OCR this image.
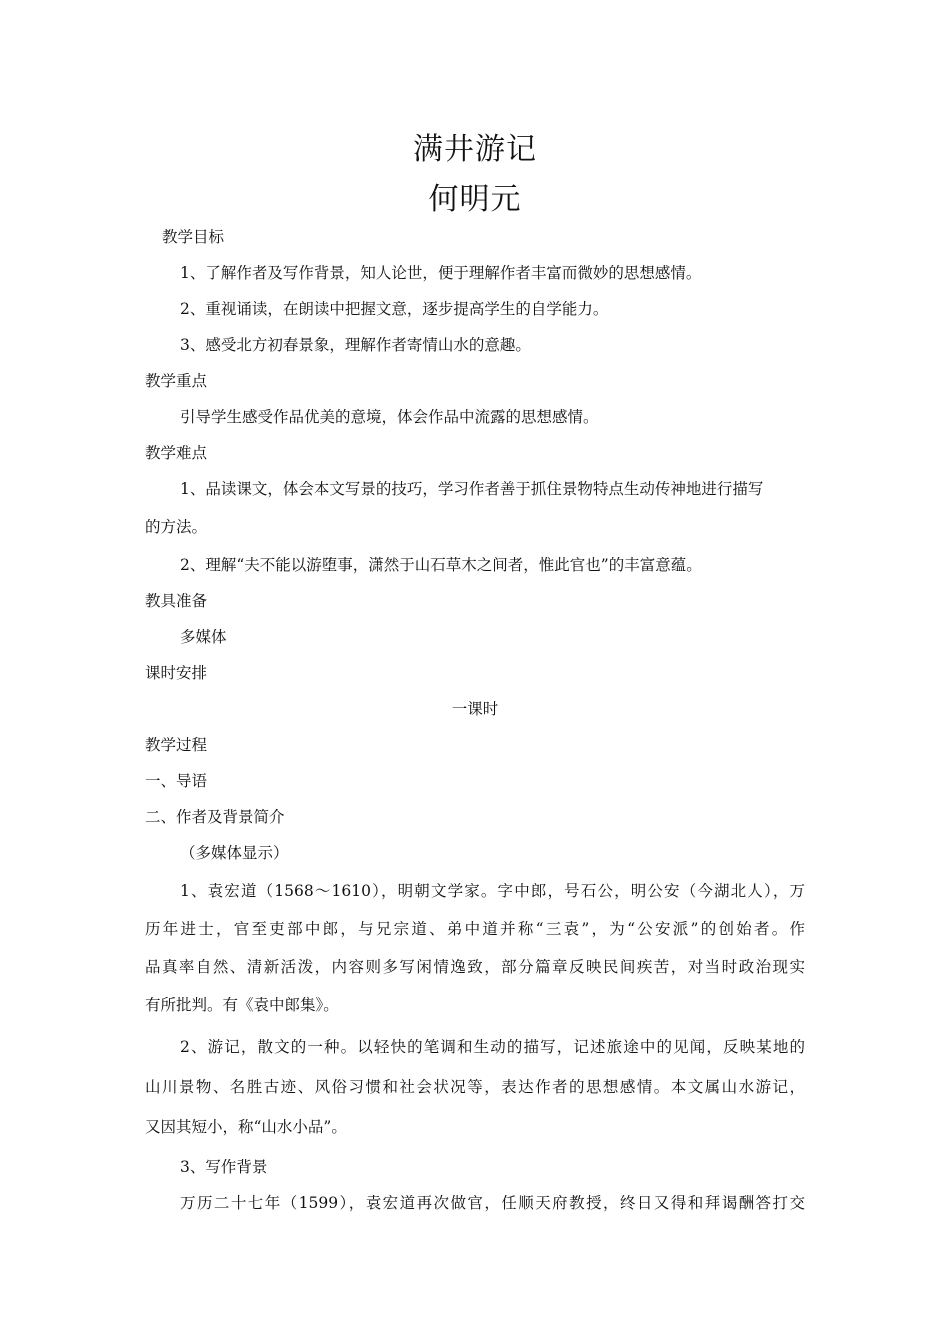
满井游记
何明元
教学目标
1、了解作者及写作背景，知人论世，便于理解作者丰富而微妙的思想感情。
2、重视诵读，在朗读中把握文意，逐步提高学生的自学能力。
3、感受北方初春景象，理解作者寄情山水的意趣。
教学重点
引导学生感受作品优美的意境，体会作品中流露的思想感情。
教学难点
1、品读课文，体会本文写景的技巧，学习作者善于抓住景物特点生动传神地进行描写
的方法。
2、理解“夫不能以游堕事，潇然于山石草木之间者，惟此官也”的丰富意蕴。
教具准备
多媒体
课时安排
一课时
教学过程
一、导语
二、作者及背景简介
（多媒体显示）
1、袁宏道（1568～1610），明朝文学家。字中郎，号石公，明公安（今湖北人），万
历年进士，官至吏部中郎，与兄宗道、弟中道并称“三袁”，为“公安派”的创始者。作
品真率自然、清新活泼，内容则多写闲情逸致，部分篇章反映民间疾苦，对当时政治现实
有所批判。有《袁中郎集》。
2、游记，散文的一种。以轻快的笔调和生动的描写，记述旅途中的见闻，反映某地的
山川景物、名胜古迹、风俗习惯和社会状况等，表达作者的思想感情。本文属山水游记，
又因其短小，称“山水小品”。
3、写作背景
万历二十七年（1599），袁宏道再次做官，任顺天府教授，终日又得和拜谒酬答打交
